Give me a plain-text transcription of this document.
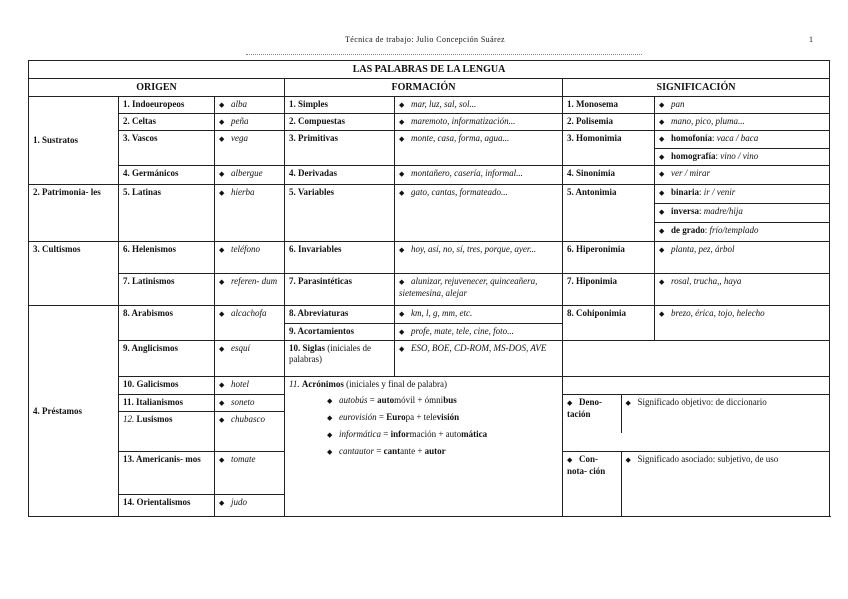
Técnica de trabajo: Julio Concepción Suárez	1
LAS PALABRAS DE LA LENGUA
ORIGEN	FORMACIÓN	SIGNIFICACIÓN
1. Sustratos	1. Indoeuropeos	◆ alba	1. Simples	◆ mar, luz, sal, sol...	1. Monosema	◆ pan
2. Celtas	◆ peña	2. Compuestas	◆ maremoto, informatización...	2. Polisemia	◆ mano, pico, pluma...
3. Vascos	◆ vega	3. Primitivas	◆ monte, casa, forma, agua...	3. Homonimia	◆ homofonía: vaca / baca
◆ homografía: vino / vino
4. Germánicos	◆ albergue	4. Derivadas	◆ montañero, casería, informal...	4. Sinonimia	◆ ver / mirar
2. Patrimonia- les	5. Latinas	◆ hierba	5. Variables	◆ gato, cantas, formateado...	5. Antonimia	◆ binaria: ir / venir
◆ inversa: madre/hija
◆ de grado: frío/templado
3. Cultismos	6. Helenismos	◆ teléfono	6. Invariables	◆ hoy, así, no, sí, tres, porque, ayer...	6. Hiperonimia	◆ planta, pez, árbol
7. Latinismos	◆ referen- dum	7. Parasintéticas	◆ alunizar, rejuvenecer, quinceañera, sietemesina, alejar	7. Hiponimia	◆ rosal, trucha,, haya
4. Préstamos	8. Arabismos	◆ alcachofa	8. Abreviaturas	◆ km, l, g, mm, etc.	8. Cohiponimia	◆ brezo, érica, tojo, helecho
9. Acortamientos	◆ profe, mate, tele, cine, foto...
9. Anglicismos	◆ esquí	10. Siglas (iniciales de palabras)	◆ ESO, BOE, CD-ROM, MS-DOS, AVE	
10. Galicismos	◆ hotel	11. Acrónimos (iniciales y final de palabra)
◆ autobús = automóvil + ómnibus
◆ eurovisión = Europa + televisión
◆ informática = información + automática
◆ cantautor = cantante + autor

11. Italianismos	◆ soneto		◆ Deno- tación	◆ Significado objetivo: de diccionario

12. Lusismos	◆ chubasco
13. Americanis- mos	◆ tomate		◆ Con- nota- ción	◆ Significado asociado: subjetivo, de uso

14. Orientalismos	◆ judo	
